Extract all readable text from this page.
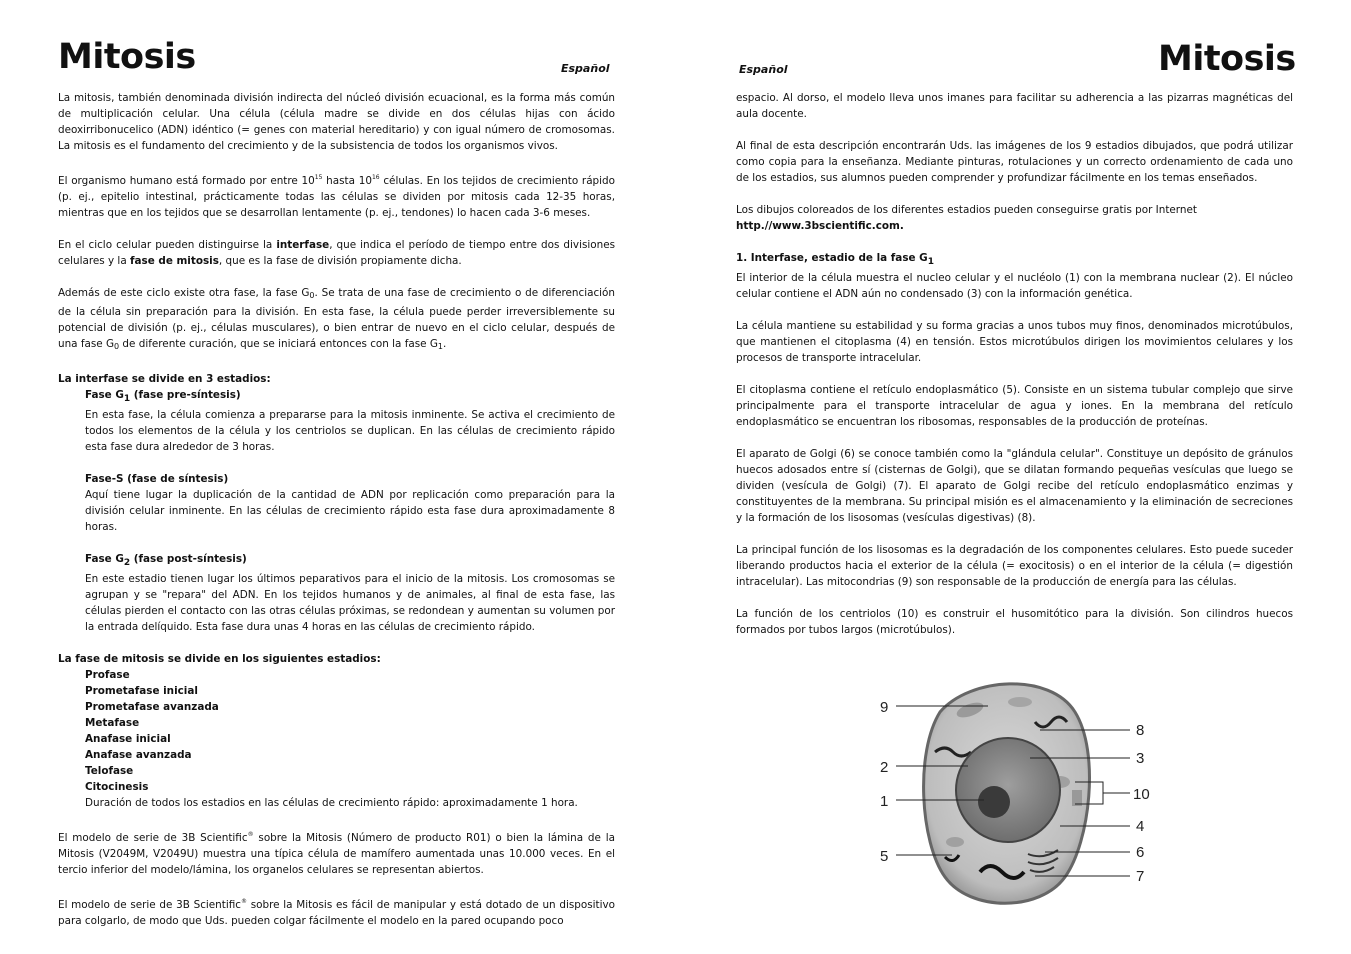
Mitosis	Español

La mitosis, también denominada división indirecta del núcleó división ecuacional, es la forma más común de multiplicación celular. Una célula (célula madre se divide en dos células hijas con ácido deoxirribonucelico (ADN) idéntico (= genes con material hereditario) y con igual número de cromosomas. La mitosis es el fundamento del crecimiento y de la subsistencia de todos los organismos vivos.

El organismo humano está formado por entre $10^{15}$ hasta $10^{16}$ células. En los tejidos de crecimiento rápido (p. ej., epitelio intestinal, prácticamente todas las células se dividen por mitosis cada 12-35 horas, mientras que en los tejidos que se desarrollan lentamente (p. ej., tendones) lo hacen cada 3-6 meses.

En el ciclo celular pueden distinguirse la interfase, que indica el período de tiempo entre dos divisiones celulares y la fase de mitosis, que es la fase de división propiamente dicha.

Además de este ciclo existe otra fase, la fase $G_0$. Se trata de una fase de crecimiento o de diferenciación de la célula sin preparación para la división. En esta fase, la célula puede perder irreversiblemente su potencial de división (p. ej., células musculares), o bien entrar de nuevo en el ciclo celular, después de una fase $G_0$ de diferente curación, que se iniciará entonces con la fase $G_1$.

La interfase se divide en 3 estadios:
Fase G1 (fase pre-síntesis)

En esta fase, la célula comienza a prepararse para la mitosis inminente. Se activa el crecimiento de todos los elementos de la célula y los centriolos se duplican. En las células de crecimiento rápido esta fase dura alrededor de 3 horas.

Fase-S (fase de síntesis)

Aquí tiene lugar la duplicación de la cantidad de ADN por replicación como preparación para la división celular inminente. En las células de crecimiento rápido esta fase dura aproximadamente 8 horas.

Fase G2 (fase post-síntesis)

En este estadio tienen lugar los últimos peparativos para el inicio de la mitosis. Los cromosomas se agrupan y se "repara" del ADN. En los tejidos humanos y de animales, al final de esta fase, las células pierden el contacto con las otras células próximas, se redondean y aumentan su volumen por la entrada delíquido. Esta fase dura unas 4 horas en las células de crecimiento rápido.

La fase de mitosis se divide en los siguientes estadios:
Profase
Prometafase inicial
Prometafase avanzada
Metafase
Anafase inicial
Anafase avanzada
Telofase
Citocinesis

Duración de todos los estadios en las células de crecimiento rápido: aproximadamente 1 hora.

El modelo de serie de 3B Scientific® sobre la Mitosis (Número de producto R01) o bien la lámina de la Mitosis (V2049M, V2049U) muestra una típica célula de mamífero aumentada unas 10.000 veces. En el tercio inferior del modelo/lámina, los organelos celulares se representan abiertos.

El modelo de serie de 3B Scientific® sobre la Mitosis es fácil de manipular y está dotado de un dispositivo para colgarlo, de modo que Uds. pueden colgar fácilmente el modelo en la pared ocupando poco

Español	Mitosis

espacio. Al dorso, el modelo lleva unos imanes para facilitar su adherencia a las pizarras magnéticas del aula docente.

Al final de esta descripción encontrarán Uds. las imágenes de los 9 estadios dibujados, que podrá utilizar como copia para la enseñanza. Mediante pinturas, rotulaciones y un correcto ordenamiento de cada uno de los estadios, sus alumnos pueden comprender y profundizar fácilmente en los temas enseñados.

Los dibujos coloreados de los diferentes estadios pueden conseguirse gratis por Internet
http.//www.3bscientific.com.

1. Interfase, estadio de la fase G1

El interior de la célula muestra el nucleo celular y el nucléolo (1) con la membrana nuclear (2). El núcleo celular contiene el ADN aún no condensado (3) con la información genética.

La célula mantiene su estabilidad y su forma gracias a unos tubos muy finos, denominados microtúbulos, que mantienen el citoplasma (4) en tensión. Estos microtúbulos dirigen los movimientos celulares y los procesos de transporte intracelular.

El citoplasma contiene el retículo endoplasmático (5). Consiste en un sistema tubular complejo que sirve principalmente para el transporte intracelular de agua y iones. En la membrana del retículo endoplasmático se encuentran los ribosomas, responsables de la producción de proteínas.

El aparato de Golgi (6) se conoce también como la "glándula celular". Constituye un depósito de gránulos huecos adosados entre sí (cisternas de Golgi), que se dilatan formando pequeñas vesículas que luego se dividen (vesícula de Golgi) (7). El aparato de Golgi recibe del retículo endoplasmático enzimas y constituyentes de la membrana. Su principal misión es el almacenamiento y la eliminación de secreciones y la formación de los lisosomas (vesículas digestivas) (8).

La principal función de los lisosomas es la degradación de los componentes celulares. Esto puede suceder liberando productos hacia el exterior de la célula (= exocitosis) o en el interior de la célula (= digestión intracelular). Las mitocondrias (9) son responsable de la producción de energía para las células.

La función de los centriolos (10) es construir el husomitótico para la división. Son cilindros huecos formados por tubos largos (microtúbulos).

9
2
1
5
8
3
10
4
6
7
